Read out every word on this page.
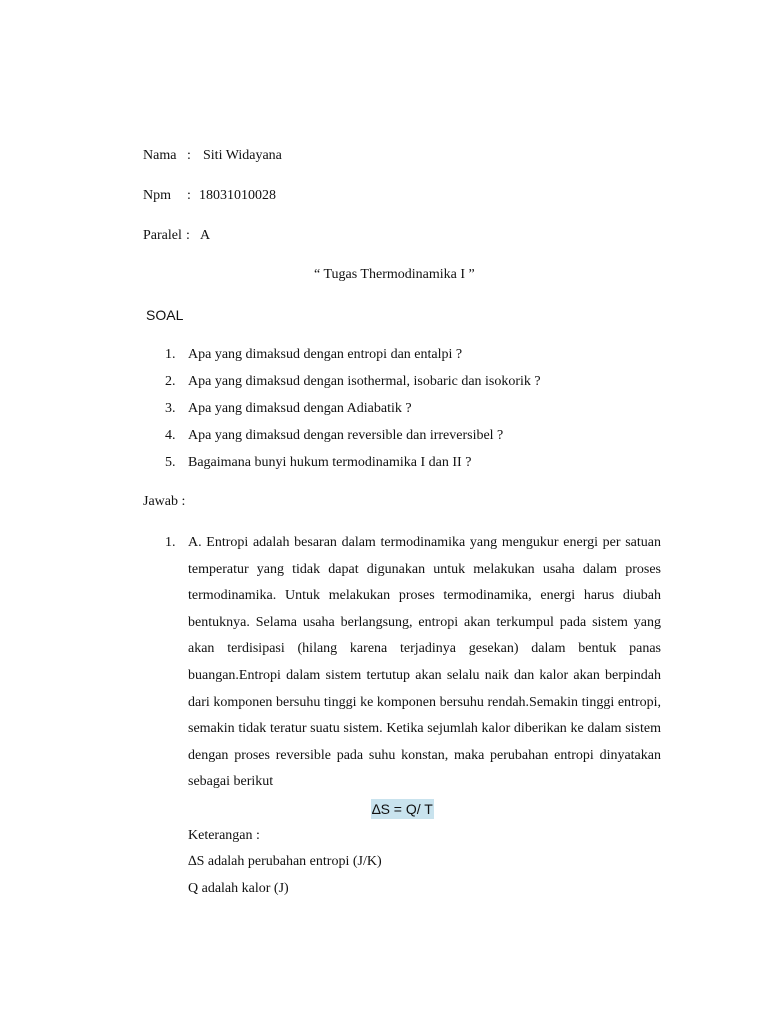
Nama : Siti Widayana
Npm : 18031010028
Paralel : A
“ Tugas Thermodinamika I ”
SOAL
1. Apa yang dimaksud dengan entropi dan entalpi ?
2. Apa yang dimaksud dengan isothermal, isobaric dan isokorik ?
3. Apa yang dimaksud dengan Adiabatik ?
4. Apa yang dimaksud dengan reversible dan irreversibel ?
5. Bagaimana bunyi hukum termodinamika I dan II ?
Jawab :
1. A. Entropi adalah besaran dalam termodinamika yang mengukur energi per satuan temperatur yang tidak dapat digunakan untuk melakukan usaha dalam proses termodinamika. Untuk melakukan proses termodinamika, energi harus diubah bentuknya. Selama usaha berlangsung, entropi akan terkumpul pada sistem yang akan terdisipasi (hilang karena terjadinya gesekan) dalam bentuk panas buangan.Entropi dalam sistem tertutup akan selalu naik dan kalor akan berpindah dari komponen bersuhu tinggi ke komponen bersuhu rendah.Semakin tinggi entropi, semakin tidak teratur suatu sistem. Ketika sejumlah kalor diberikan ke dalam sistem dengan proses reversible pada suhu konstan, maka perubahan entropi dinyatakan sebagai berikut
∆S = Q/ T
Keterangan :
∆S adalah perubahan entropi (J/K)
Q adalah kalor (J)
